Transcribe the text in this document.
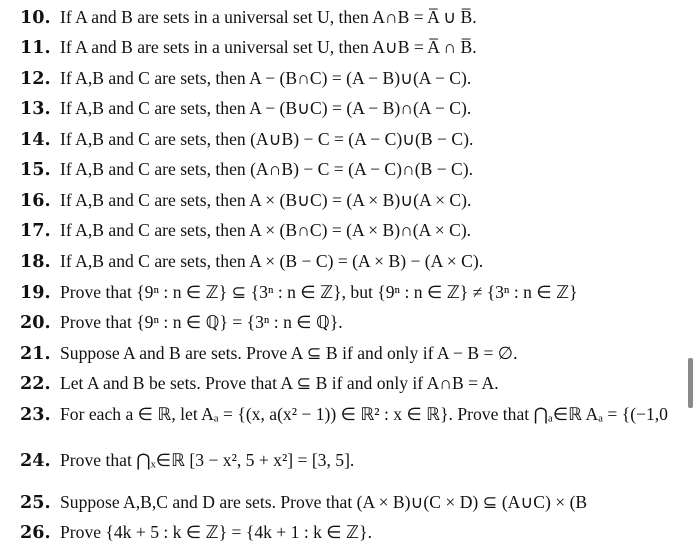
10. If A and B are sets in a universal set U, then A∩B = A̅ ∪ B̅.
11. If A and B are sets in a universal set U, then A∪B = A̅ ∩ B̅.
12. If A,B and C are sets, then A − (B∩C) = (A − B)∪(A − C).
13. If A,B and C are sets, then A − (B∪C) = (A − B)∩(A − C).
14. If A,B and C are sets, then (A∪B) − C = (A − C)∪(B − C).
15. If A,B and C are sets, then (A∩B) − C = (A − C)∩(B − C).
16. If A,B and C are sets, then A × (B∪C) = (A × B)∪(A × C).
17. If A,B and C are sets, then A × (B∩C) = (A × B)∩(A × C).
18. If A,B and C are sets, then A × (B − C) = (A × B) − (A × C).
19. Prove that {9ⁿ : n ∈ ℤ} ⊆ {3ⁿ : n ∈ ℤ}, but {9ⁿ : n ∈ ℤ} ≠ {3ⁿ : n ∈ ℤ}
20. Prove that {9ⁿ : n ∈ ℚ} = {3ⁿ : n ∈ ℚ}.
21. Suppose A and B are sets. Prove A ⊆ B if and only if A − B = ∅.
22. Let A and B be sets. Prove that A ⊆ B if and only if A∩B = A.
23. For each a ∈ ℝ, let Aₐ = {(x, a(x² − 1)) ∈ ℝ² : x ∈ ℝ}. Prove that ⋂ₐ∈ℝ Aₐ = {(−1,0
24. Prove that ⋂ₓ∈ℝ [3 − x², 5 + x²] = [3, 5].
25. Suppose A,B,C and D are sets. Prove that (A × B)∪(C × D) ⊆ (A∪C) × (B
26. Prove {4k + 5 : k ∈ ℤ} = {4k + 1 : k ∈ ℤ}.
